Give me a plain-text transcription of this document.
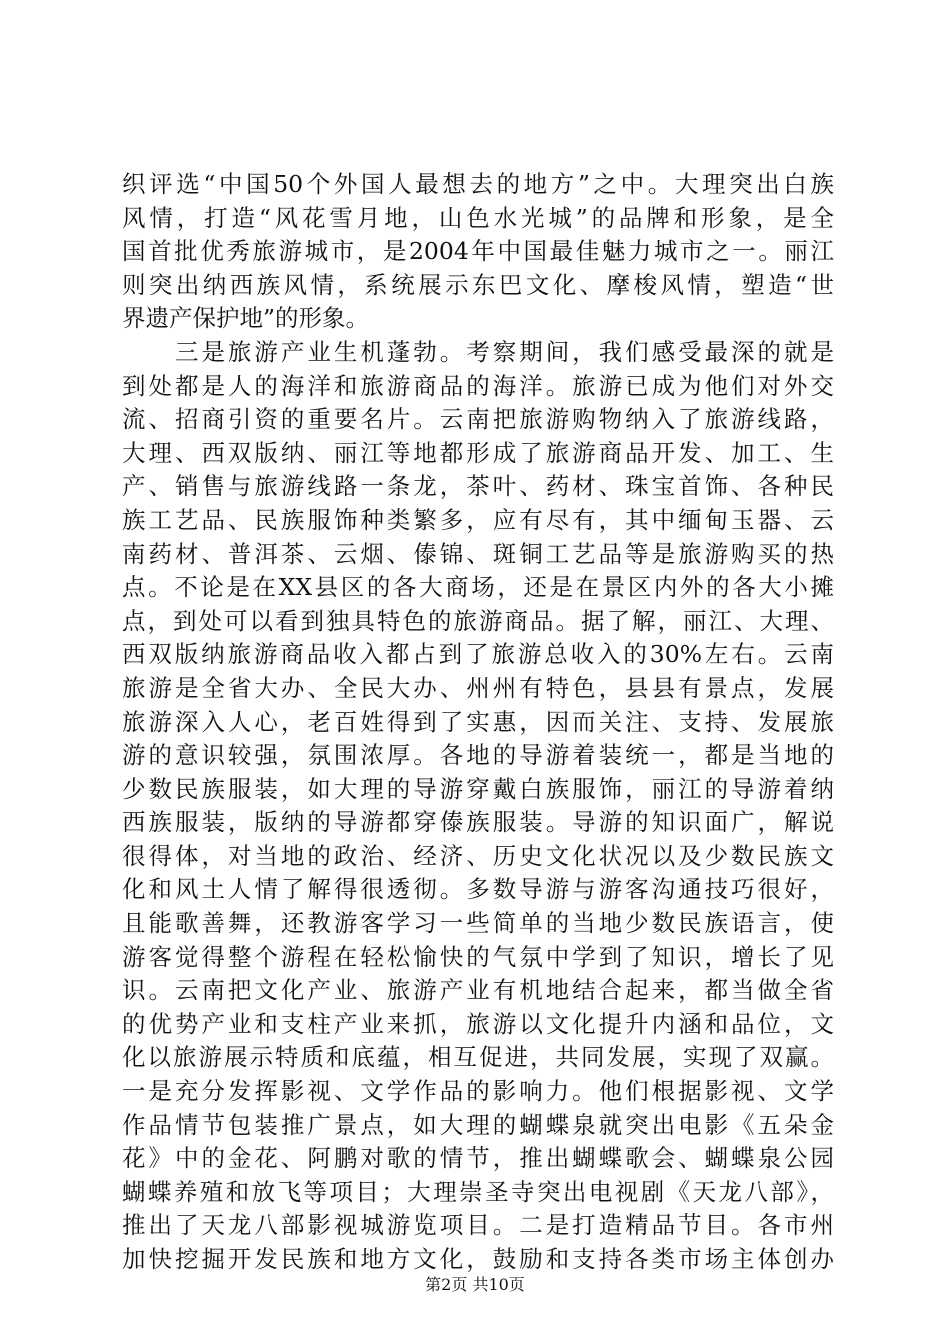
织评选“中国50个外国人最想去的地方”之中。大理突出白族
风情，打造“风花雪月地，山色水光城”的品牌和形象，是全
国首批优秀旅游城市，是2004年中国最佳魅力城市之一。丽江
则突出纳西族风情，系统展示东巴文化、摩梭风情，塑造“世
界遗产保护地”的形象。
　　三是旅游产业生机蓬勃。考察期间，我们感受最深的就是
到处都是人的海洋和旅游商品的海洋。旅游已成为他们对外交
流、招商引资的重要名片。云南把旅游购物纳入了旅游线路，
大理、西双版纳、丽江等地都形成了旅游商品开发、加工、生
产、销售与旅游线路一条龙，茶叶、药材、珠宝首饰、各种民
族工艺品、民族服饰种类繁多，应有尽有，其中缅甸玉器、云
南药材、普洱茶、云烟、傣锦、斑铜工艺品等是旅游购买的热
点。不论是在XX县区的各大商场，还是在景区内外的各大小摊
点，到处可以看到独具特色的旅游商品。据了解，丽江、大理、
西双版纳旅游商品收入都占到了旅游总收入的30%左右。云南
旅游是全省大办、全民大办、州州有特色，县县有景点，发展
旅游深入人心，老百姓得到了实惠，因而关注、支持、发展旅
游的意识较强，氛围浓厚。各地的导游着装统一，都是当地的
少数民族服装，如大理的导游穿戴白族服饰，丽江的导游着纳
西族服装，版纳的导游都穿傣族服装。导游的知识面广，解说
很得体，对当地的政治、经济、历史文化状况以及少数民族文
化和风土人情了解得很透彻。多数导游与游客沟通技巧很好，
且能歌善舞，还教游客学习一些简单的当地少数民族语言，使
游客觉得整个游程在轻松愉快的气氛中学到了知识，增长了见
识。云南把文化产业、旅游产业有机地结合起来，都当做全省
的优势产业和支柱产业来抓，旅游以文化提升内涵和品位，文
化以旅游展示特质和底蕴，相互促进，共同发展，实现了双赢。
一是充分发挥影视、文学作品的影响力。他们根据影视、文学
作品情节包装推广景点，如大理的蝴蝶泉就突出电影《五朵金
花》中的金花、阿鹏对歌的情节，推出蝴蝶歌会、蝴蝶泉公园
蝴蝶养殖和放飞等项目；大理崇圣寺突出电视剧《天龙八部》，
推出了天龙八部影视城游览项目。二是打造精品节目。各市州
加快挖掘开发民族和地方文化，鼓励和支持各类市场主体创办
第2页 共10页
